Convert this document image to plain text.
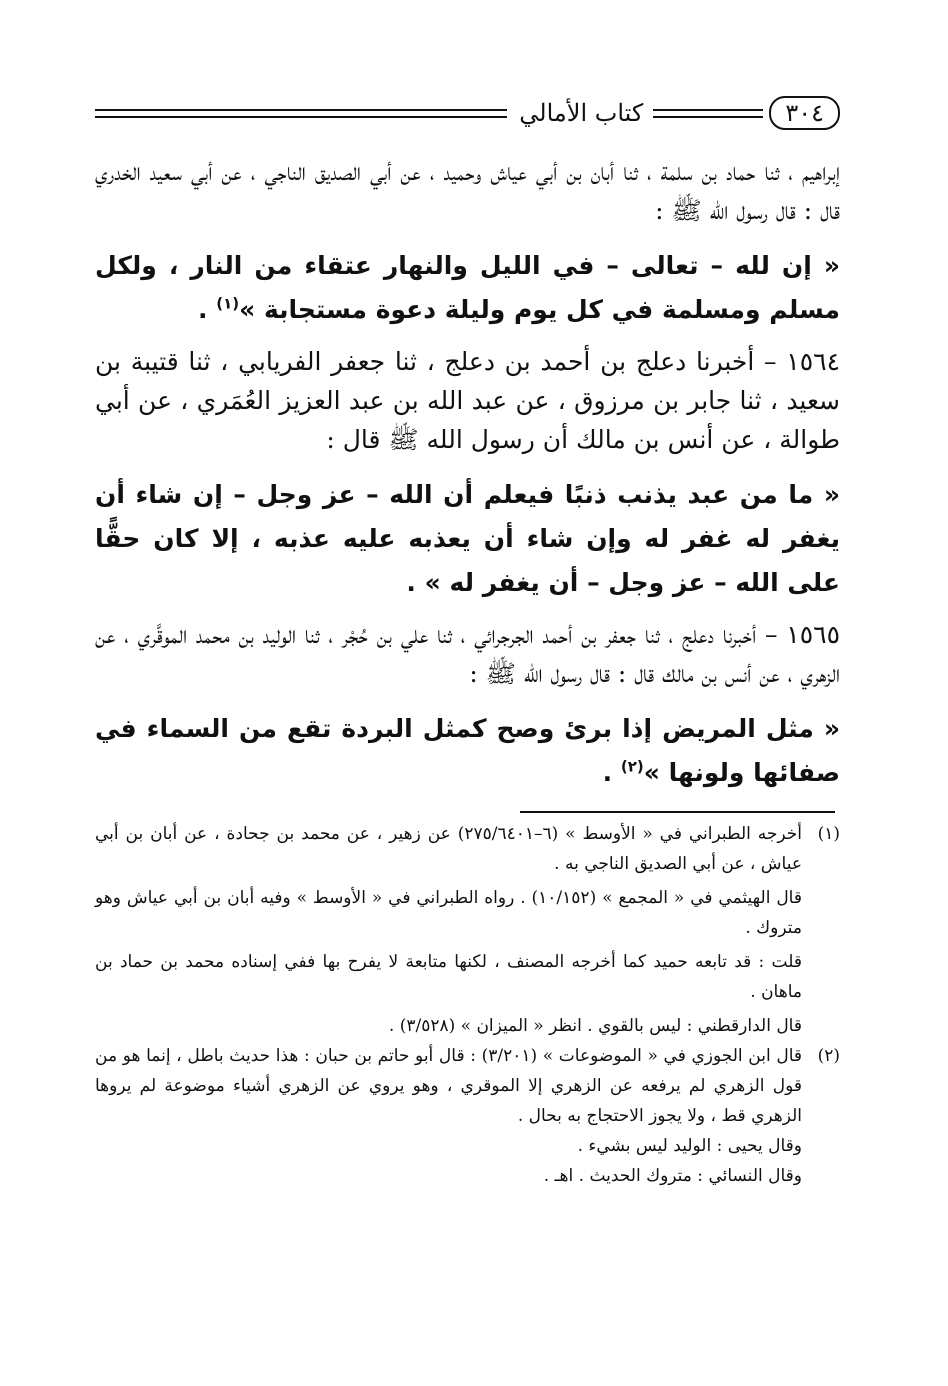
٣٠٤
كتاب الأمالي

إبراهيم ، ثنا حماد بن سلمة ، ثنا أبان بن أبي عياش وحميد ، عن أبي الصديق الناجي ، عن أبي سعيد الخدري قال : قال رسول الله ﷺ :

« إن لله – تعالى – في الليل والنهار عتقاء من النار ، ولكل مسلم ومسلمة في كل يوم وليلة دعوة مستجابة »$^{(١)}$ .

١٥٦٤ – أخبرنا دعلج بن أحمد بن دعلج ، ثنا جعفر الفريابي ، ثنا قتيبة بن سعيد ، ثنا جابر بن مرزوق ، عن عبد الله بن عبد العزيز العُمَري ، عن أبي طوالة ، عن أنس بن مالك أن رسول الله ﷺ قال :

« ما من عبد يذنب ذنبًا فيعلم أن الله – عز وجل – إن شاء أن يغفر له غفر له وإن شاء أن يعذبه عليه عذبه ، إلا كان حقًّا على الله – عز وجل – أن يغفر له » .

١٥٦٥ – أخبرنا دعلج ، ثنا جعفر بن أحمد الجرجرائي ، ثنا علي بن حُجْر ، ثنا الوليد بن محمد الموقَّري ، عن الزهري ، عن أنس بن مالك قال : قال رسول الله ﷺ :

« مثل المريض إذا برئ وصح كمثل البردة تقع من السماء في صفائها ولونها »$^{(٢)}$ .

(١)

أخرجه الطبراني في « الأوسط » (٦–٢٧٥/٦٤٠١) عن زهير ، عن محمد بن جحادة ، عن أبان بن أبي عياش ، عن أبي الصديق الناجي به .

قال الهيثمي في « المجمع » (١٠/١٥٢) . رواه الطبراني في « الأوسط » وفيه أبان بن أبي عياش وهو متروك .

قلت : قد تابعه حميد كما أخرجه المصنف ، لكنها متابعة لا يفرح بها ففي إسناده محمد بن حماد بن ماهان .

قال الدارقطني : ليس بالقوي . انظر « الميزان » (٣/٥٢٨) .

(٢)

قال ابن الجوزي في « الموضوعات » (٣/٢٠١) : قال أبو حاتم بن حبان : هذا حديث باطل ، إنما هو من قول الزهري لم يرفعه عن الزهري إلا الموقري ، وهو يروي عن الزهري أشياء موضوعة لم يروها الزهري قط ، ولا يجوز الاحتجاج به بحال .

وقال يحيى : الوليد ليس بشيء .

وقال النسائي : متروك الحديث . اهـ .
